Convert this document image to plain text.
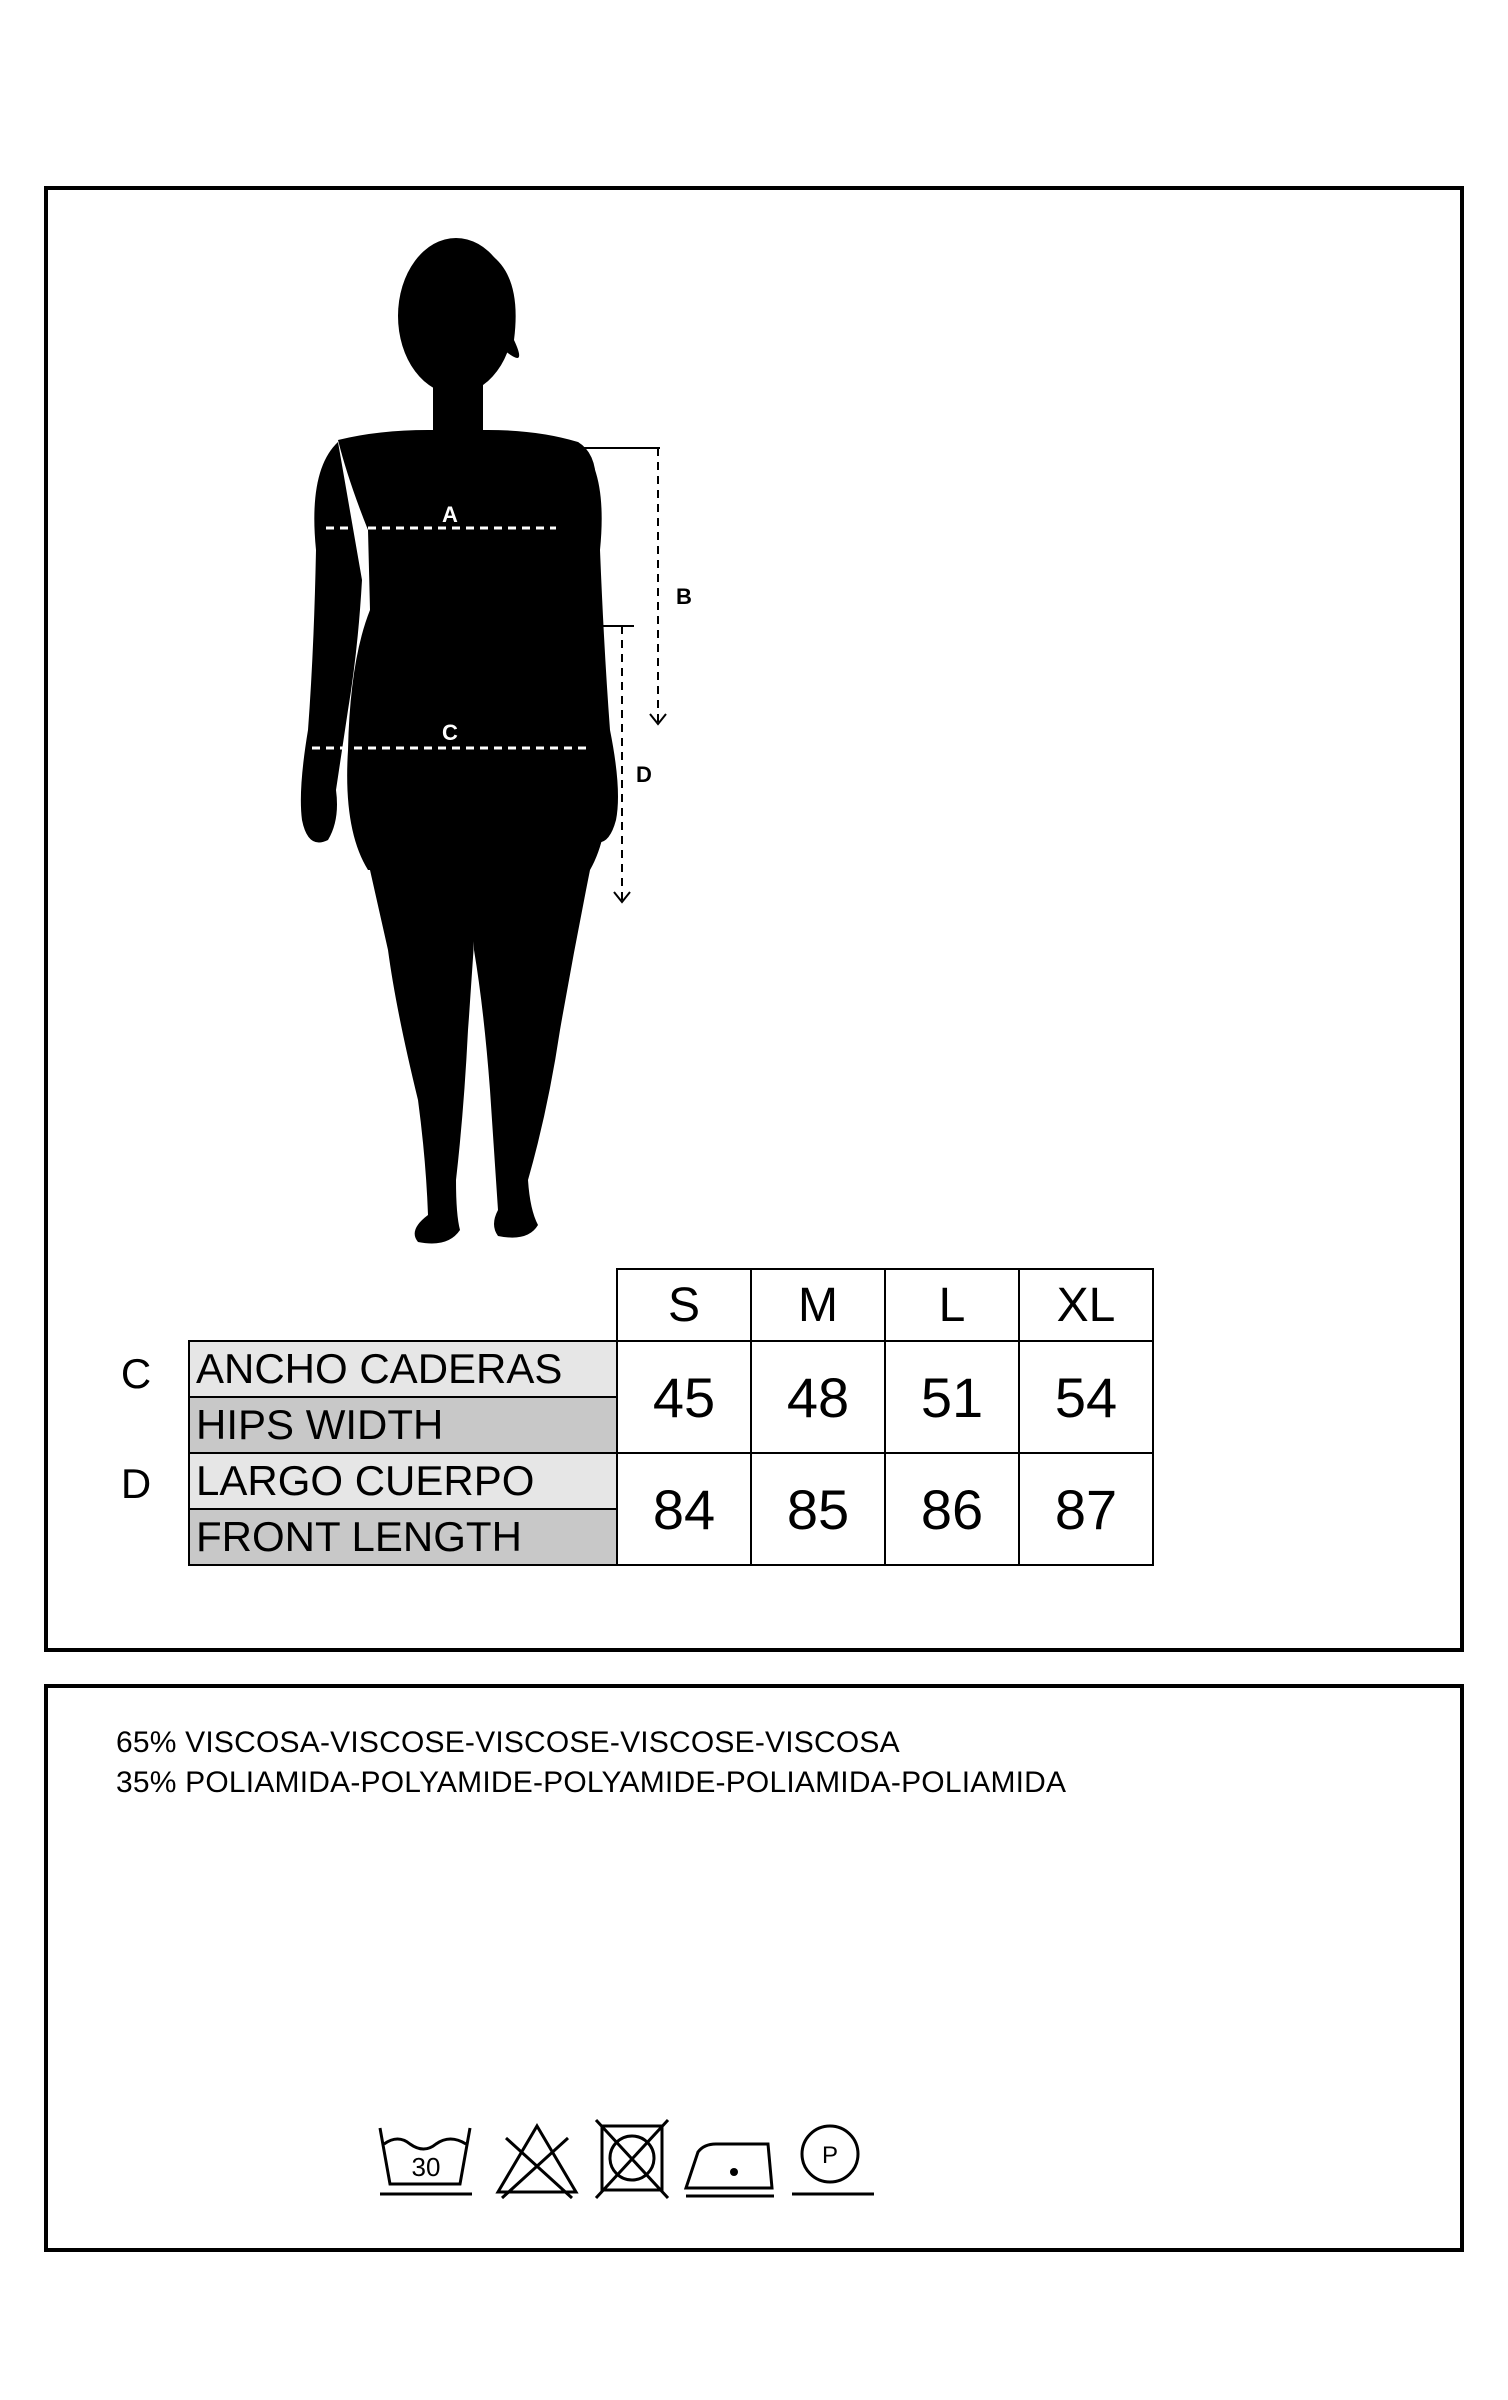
A
C
B
D
C
D
	S	M	L	XL
ANCHO CADERAS	45	48	51	54
HIPS WIDTH				
LARGO CUERPO	84	85	86	87
FRONT LENGTH				
65% VISCOSA-VISCOSE-VISCOSE-VISCOSE-VISCOSA
35% POLIAMIDA-POLYAMIDE-POLYAMIDE-POLIAMIDA-POLIAMIDA
30	P
